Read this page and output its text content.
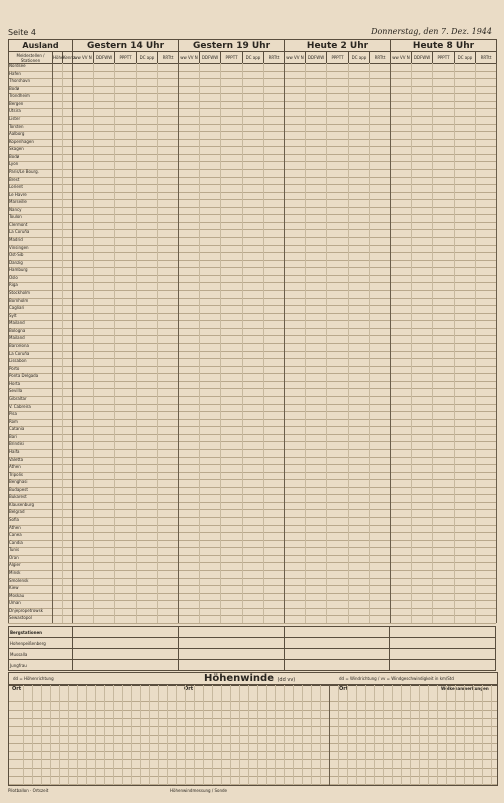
Seite 4	Donnerstag, den 7. Dez. 1944
Ausland	Gestern 14 Uhr	Gestern 19 Uhr	Heute 2 Uhr	Heute 8 Uhr
Meldestellen / Stationen	Höhe	Kennz.	ww VV N	DDFWW	PPPTT	DC app	RRTtt	ww VV N	DDFWW	PPPTT	DC app	RRTtt	ww VV N	DDFWW	PPPTT	DC app	RRTtt	ww VV N	DDFWW	PPPTT	DC app	RRTtt
Nordsee
Hafen
Thorshavn
Bodø
Trondheim
Bergen
Utsira
Lister
Torsten
Aalborg
Kopenhagen
Skagen
Bodø
Lyon
Paris/Le Bourg.
Brest
Lorient
Le Havre
Marseille
Nancy
Toulon
Clermont
La Coruña
Madrid
Vinsingen
Ost-Sib
Danzig
Hamburg
Oslo
Riga
Stockholm
Bornholm
Cagliari
Sylt
Mailand
Bologna
Mailand
Barcelona
La Coruña
Lissabon
Porto
Ponta Delgada
Horta
Sevilla
Gibraltar
V. Cabreira
Pisa
Rom
Catania
Bari
Brindisi
Haifa
Valetta
Athen
Tripolis
Benghasi
Budapest
Bukarest
Klausenburg
Belgrad
Sofia
Athen
Canea
Candia
Tunis
Oran
Algier
Minsk
Smolensk
Kiew
Moskau
Uman
Dnjepropetrowsk
Sewastopol
Bergstationen				
Hohenpeißenberg				
Mussalla				
Jungfrau				
dd = Höhenrichtung	Höhenwinde (dd vv)	dd = Windrichtung / vv = Windgeschwindigkeit in km/Std
Ort	Ort	Ort	Wolkenanmerkungen
Pilotballon · Ortszeit	Höhenwindmessung / Sonde
